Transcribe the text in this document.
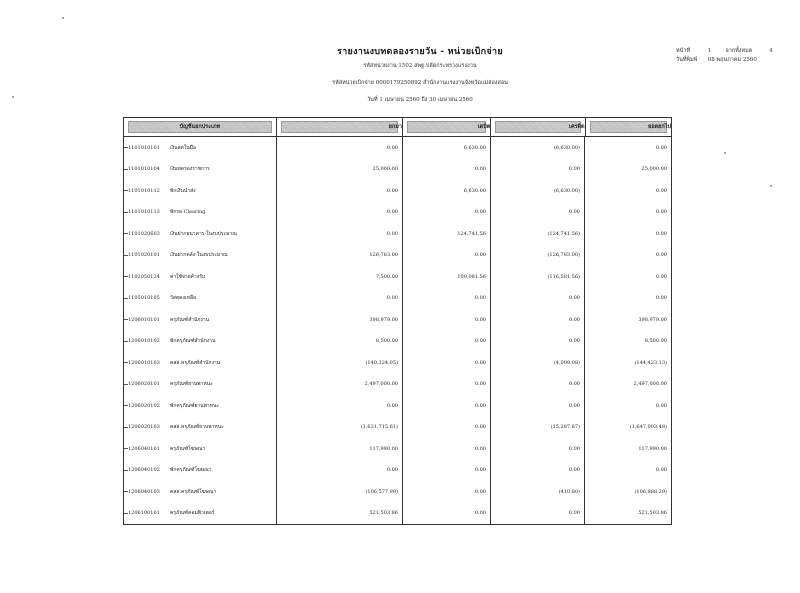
รายงานงบทดลองรายวัน - หน่วยเบิกจ่าย
รหัสหน่วยงาน 1502 สพฐ.ปลัดกระทรวงแรงงาน
รหัสหน่วยเบิกจ่าย 0000179250892 สำนักงานแรงงานจังหวัดแม่ฮ่องสอน
วันที่ 1 เมษายน 2560 ถึง 30 เมษายน 2560
หน้าที่	1	จากทั้งหมด	4
วันที่พิมพ์ 08 พฤษภาคม 2560
บัญชีแยกประเภท	ยกมา	เดบิต	เครดิต	ยอดยกไป
1101010101	เงินสดในมือ	0.00	6,630.00	(6,630.00)	0.00
1101010104	เงินทดรองราชการ	25,000.00	0.00	0.00	25,000.00
1101010112	พักเงินนำส่ง	0.00	6,630.00	(6,630.00)	0.00
1101010113	พักรอ Clearing	0.00	0.00	0.00	0.00
1101020603	เงินฝากธนาคาร-ในงบประมาณ	0.00	124,741.56	(124,741.56)	0.00
1101020101	เงินฝากคลัง-ในงบประมาณ	126,783.00	0.00	(126,783.00)	0.00
1102050124	ค่าใช้จ่ายค้างรับ	7,500.00	109,081.56	(116,581.56)	0.00
1105010105	วัสดุคงเหลือ	0.00	0.00	0.00	0.00
1206010101	ครุภัณฑ์สำนักงาน	398,979.00	0.00	0.00	398,979.00
1206010102	พักครุภัณฑ์สำนักงาน	8,500.00	0.00	0.00	8,500.00
1206010103	คสส.ครุภัณฑ์สำนักงาน	(140,324.05)	0.00	(4,099.08)	(144,423.13)
1206020101	ครุภัณฑ์ยานพาหนะ	2,497,000.00	0.00	0.00	2,497,000.00
1206020102	พักครุภัณฑ์ยานพาหนะ	0.00	0.00	0.00	0.00
1206020103	คสส.ครุภัณฑ์ยานพาหนะ	(1,631,715.61)	0.00	(15,287.87)	(1,647,003.48)
1206040101	ครุภัณฑ์โฆษณา	117,990.00	0.00	0.00	117,990.00
1206040102	พักครุภัณฑ์โฆษณา	0.00	0.00	0.00	0.00
1206040103	คสส.ครุภัณฑ์โฆษณา	(106,577.99)	0.00	(410.80)	(106,988.29)
1206100101	ครุภัณฑ์คอมพิวเตอร์	521,503.86	0.00	0.00	521,503.86
